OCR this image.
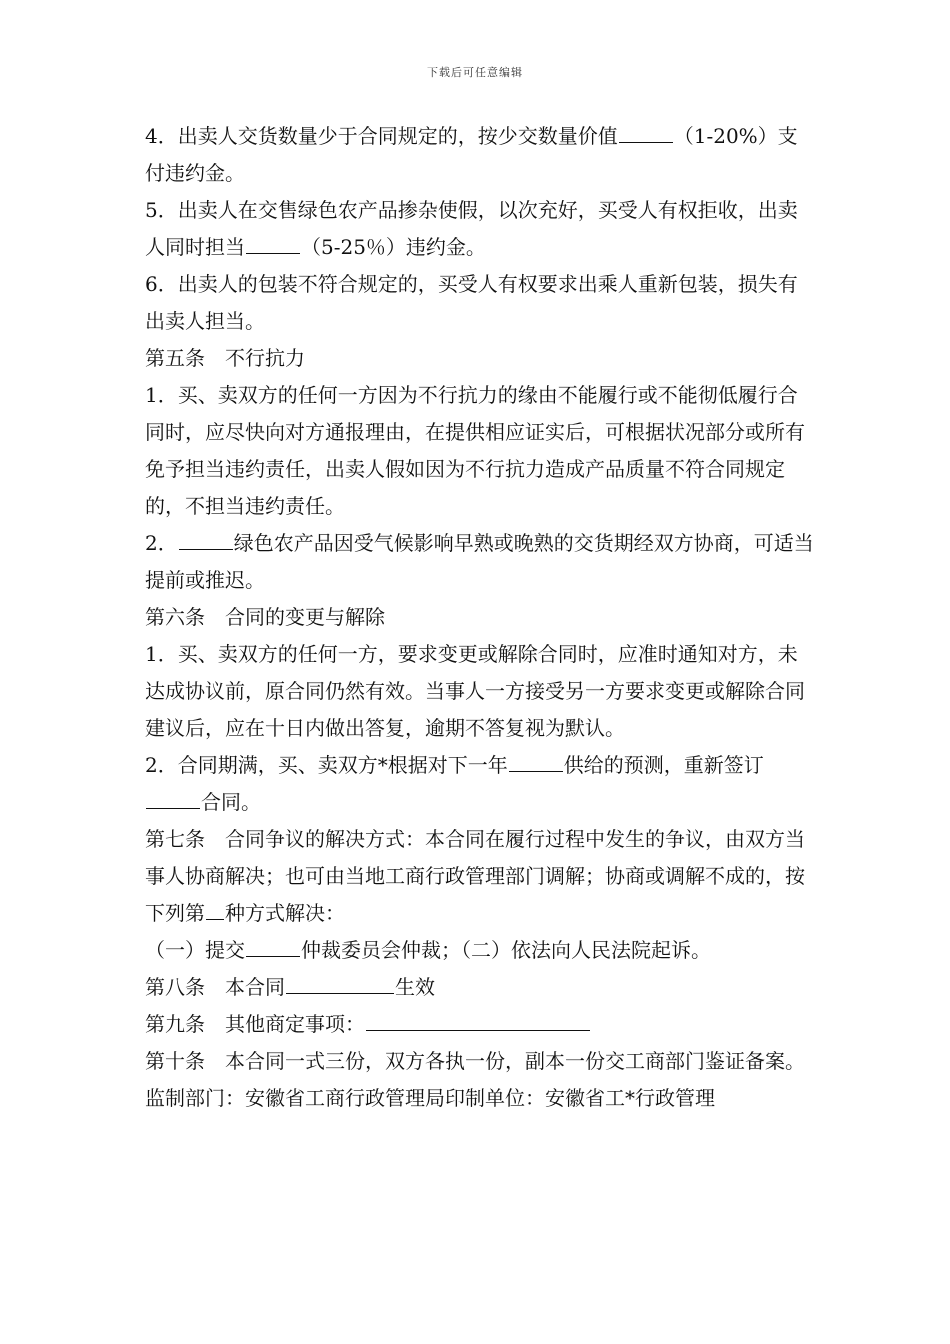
下载后可任意编辑

4．出卖人交货数量少于合同规定的，按少交数量价值	（1-20%）支付违约金。

5．出卖人在交售绿色农产品掺杂使假，以次充好，买受人有权拒收，出卖人同时担当	（5-25％）违约金。

6．出卖人的包装不符合规定的，买受人有权要求出乘人重新包装，损失有出卖人担当。

第五条　不行抗力

1．买、卖双方的任何一方因为不行抗力的缘由不能履行或不能彻低履行合同时，应尽快向对方通报理由，在提供相应证实后，可根据状况部分或所有免予担当违约责任，出卖人假如因为不行抗力造成产品质量不符合同规定的，不担当违约责任。

2．	绿色农产品因受气候影响早熟或晚熟的交货期经双方协商，可适当提前或推迟。

第六条　合同的变更与解除

1．买、卖双方的任何一方，要求变更或解除合同时，应准时通知对方，未达成协议前，原合同仍然有效。当事人一方接受另一方要求变更或解除合同建议后，应在十日内做出答复，逾期不答复视为默认。

2．合同期满，买、卖双方*根据对下一年	供给的预测，重新签订合同。

第七条　合同争议的解决方式：本合同在履行过程中发生的争议，由双方当事人协商解决；也可由当地工商行政管理部门调解；协商或调解不成的，按下列第 种方式解决：

（一）提交	仲裁委员会仲裁；（二）依法向人民法院起诉。

第八条　本合同	生效

第九条　其他商定事项：

第十条　本合同一式三份，双方各执一份，副本一份交工商部门鉴证备案。

监制部门：安徽省工商行政管理局印制单位：安徽省工*行政管理
